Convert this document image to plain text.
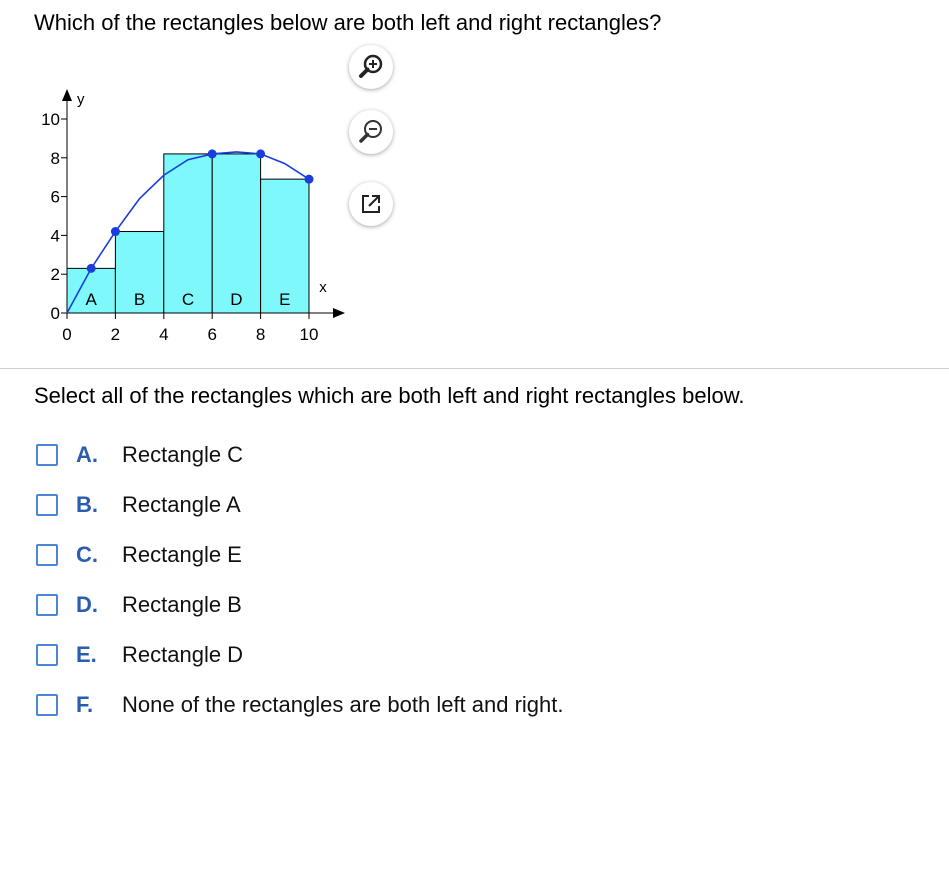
Which of the rectangles below are both left and right rectangles?
0 2 4 6 8 10
0
2
4
6
8
10
x
y
A B C D E
Select all of the rectangles which are both left and right rectangles below.
A.	Rectangle C
B.	Rectangle A
C.	Rectangle E
D.	Rectangle B
E.	Rectangle D
F.	None of the rectangles are both left and right.
